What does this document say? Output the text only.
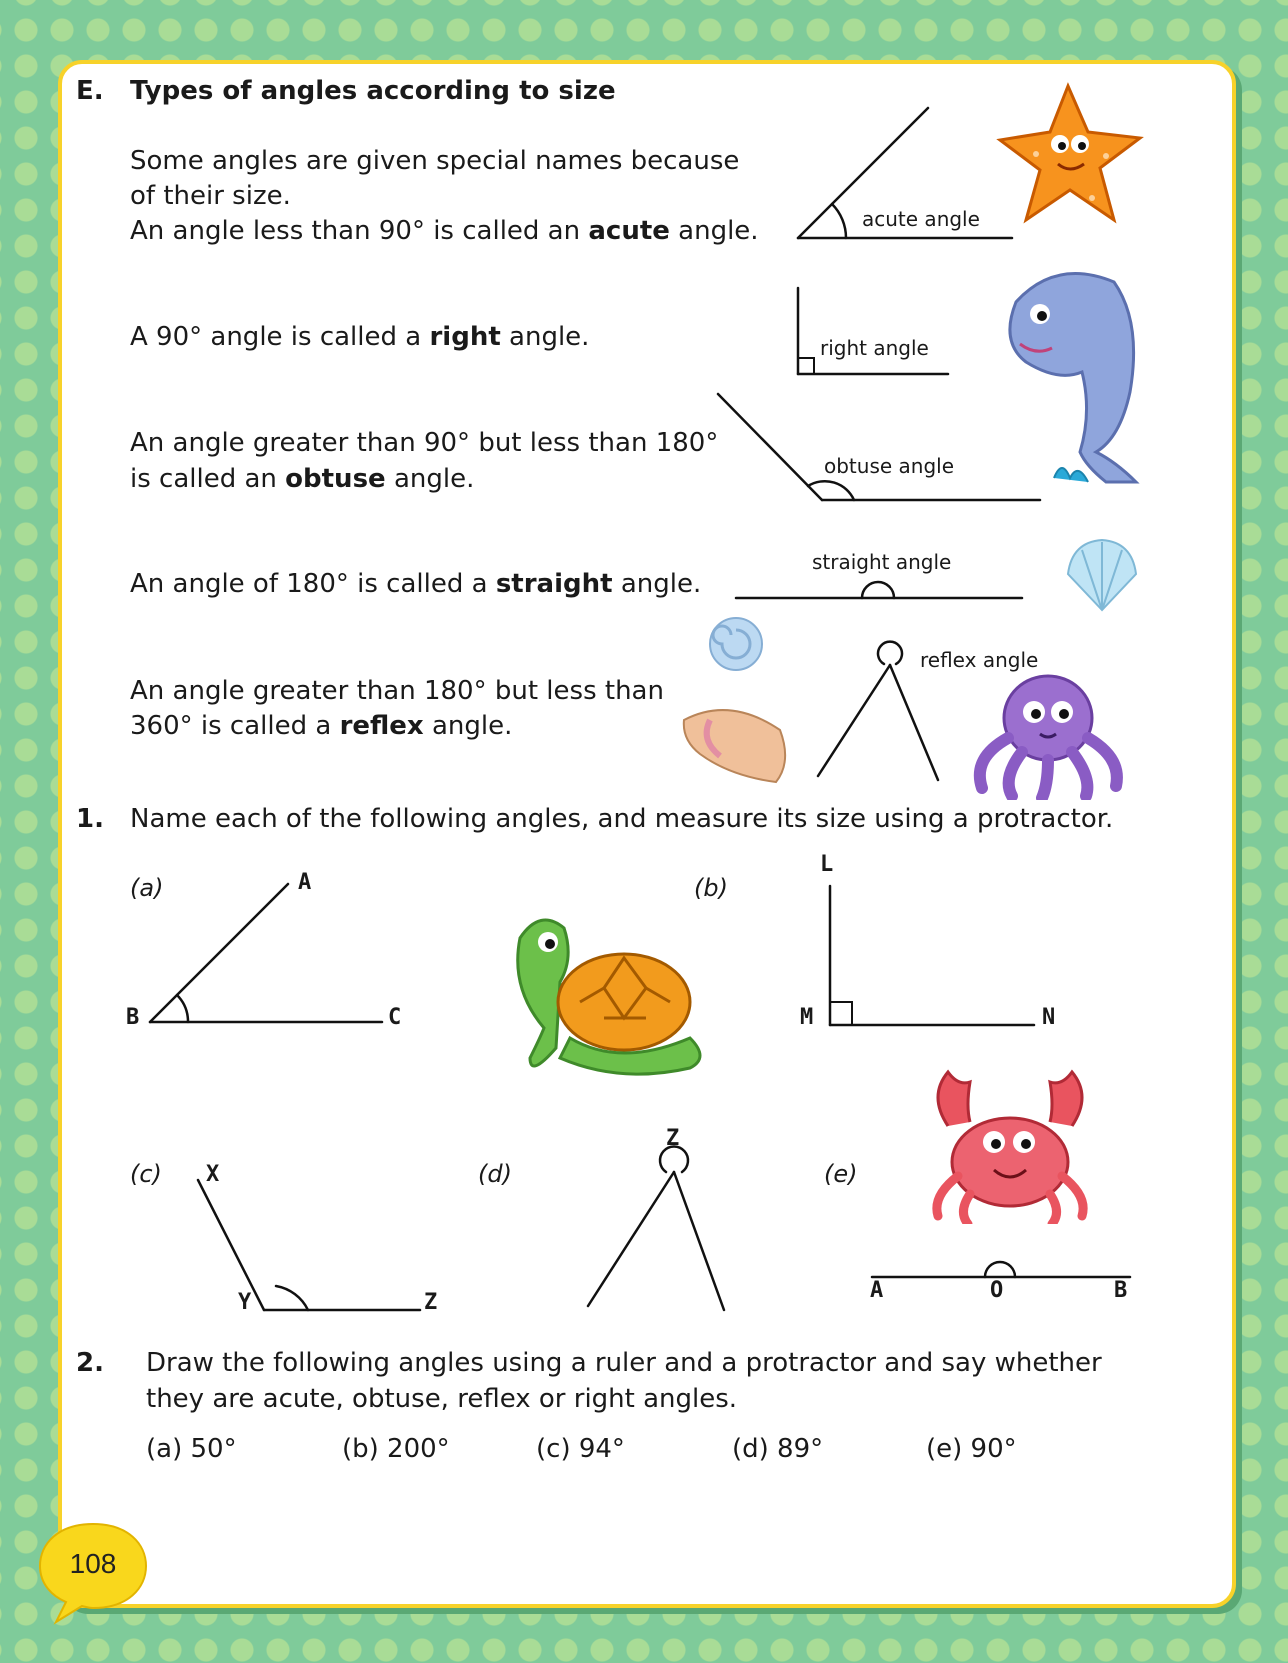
E. Types of angles according to size
Some angles are given special names because
of their size.
An angle less than 90° is called an acute angle.
A 90° angle is called a right angle.
An angle greater than 90° but less than 180°
is called an obtuse angle.
An angle of 180° is called a straight angle.
An angle greater than 180° but less than
360° is called a reflex angle.
acute angle
right angle
obtuse angle
straight angle
reflex angle
1. Name each of the following angles, and measure its size using a protractor.
(a)	A
B	C
(b)
L
M	N
(c) X
Y	Z
(d)
Z
(e)
A	O	B
2. Draw the following angles using a ruler and a protractor and say whether
they are acute, obtuse, reflex or right angles.
(a) 50°	(b) 200°	(c) 94°	(d) 89°	(e) 90°
108
